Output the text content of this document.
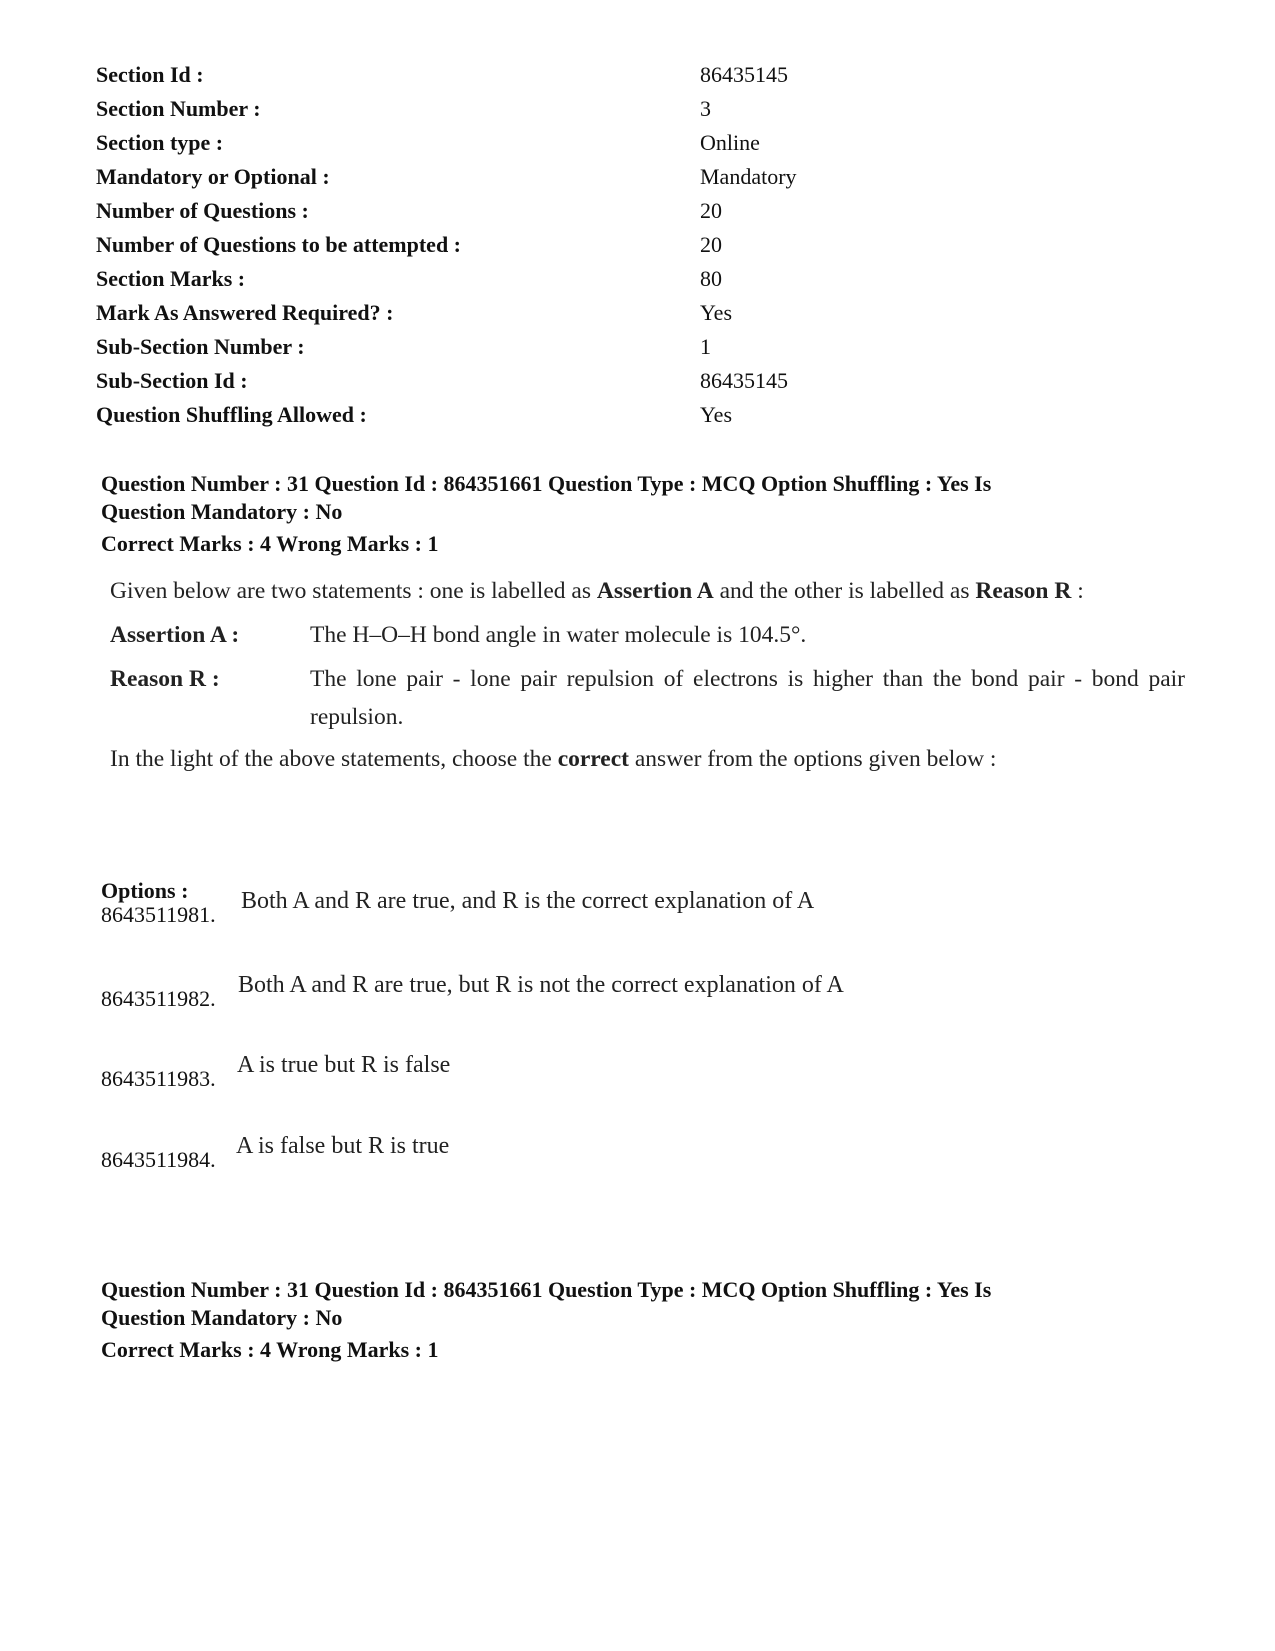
Section Id :	86435145
Section Number :	3
Section type :	Online
Mandatory or Optional :	Mandatory
Number of Questions :	20
Number of Questions to be attempted :	20
Section Marks :	80
Mark As Answered Required? :	Yes
Sub-Section Number :	1
Sub-Section Id :	86435145
Question Shuffling Allowed :	Yes
Question Number : 31 Question Id : 864351661 Question Type : MCQ Option Shuffling : Yes Is
Question Mandatory : No
Correct Marks : 4 Wrong Marks : 1
Given below are two statements : one is labelled as Assertion A and the other is labelled as Reason R :
Assertion A :	The H–O–H bond angle in water molecule is 104.5°.
Reason R :	The lone pair - lone pair repulsion of electrons is higher than the bond pair - bond pair repulsion.
In the light of the above statements, choose the correct answer from the options given below :
Options :
8643511981.
Both A and R are true, and R is the correct explanation of A
8643511982.
Both A and R are true, but R is not the correct explanation of A
8643511983.
A is true but R is false
8643511984.
A is false but R is true
Question Number : 31 Question Id : 864351661 Question Type : MCQ Option Shuffling : Yes Is
Question Mandatory : No
Correct Marks : 4 Wrong Marks : 1
